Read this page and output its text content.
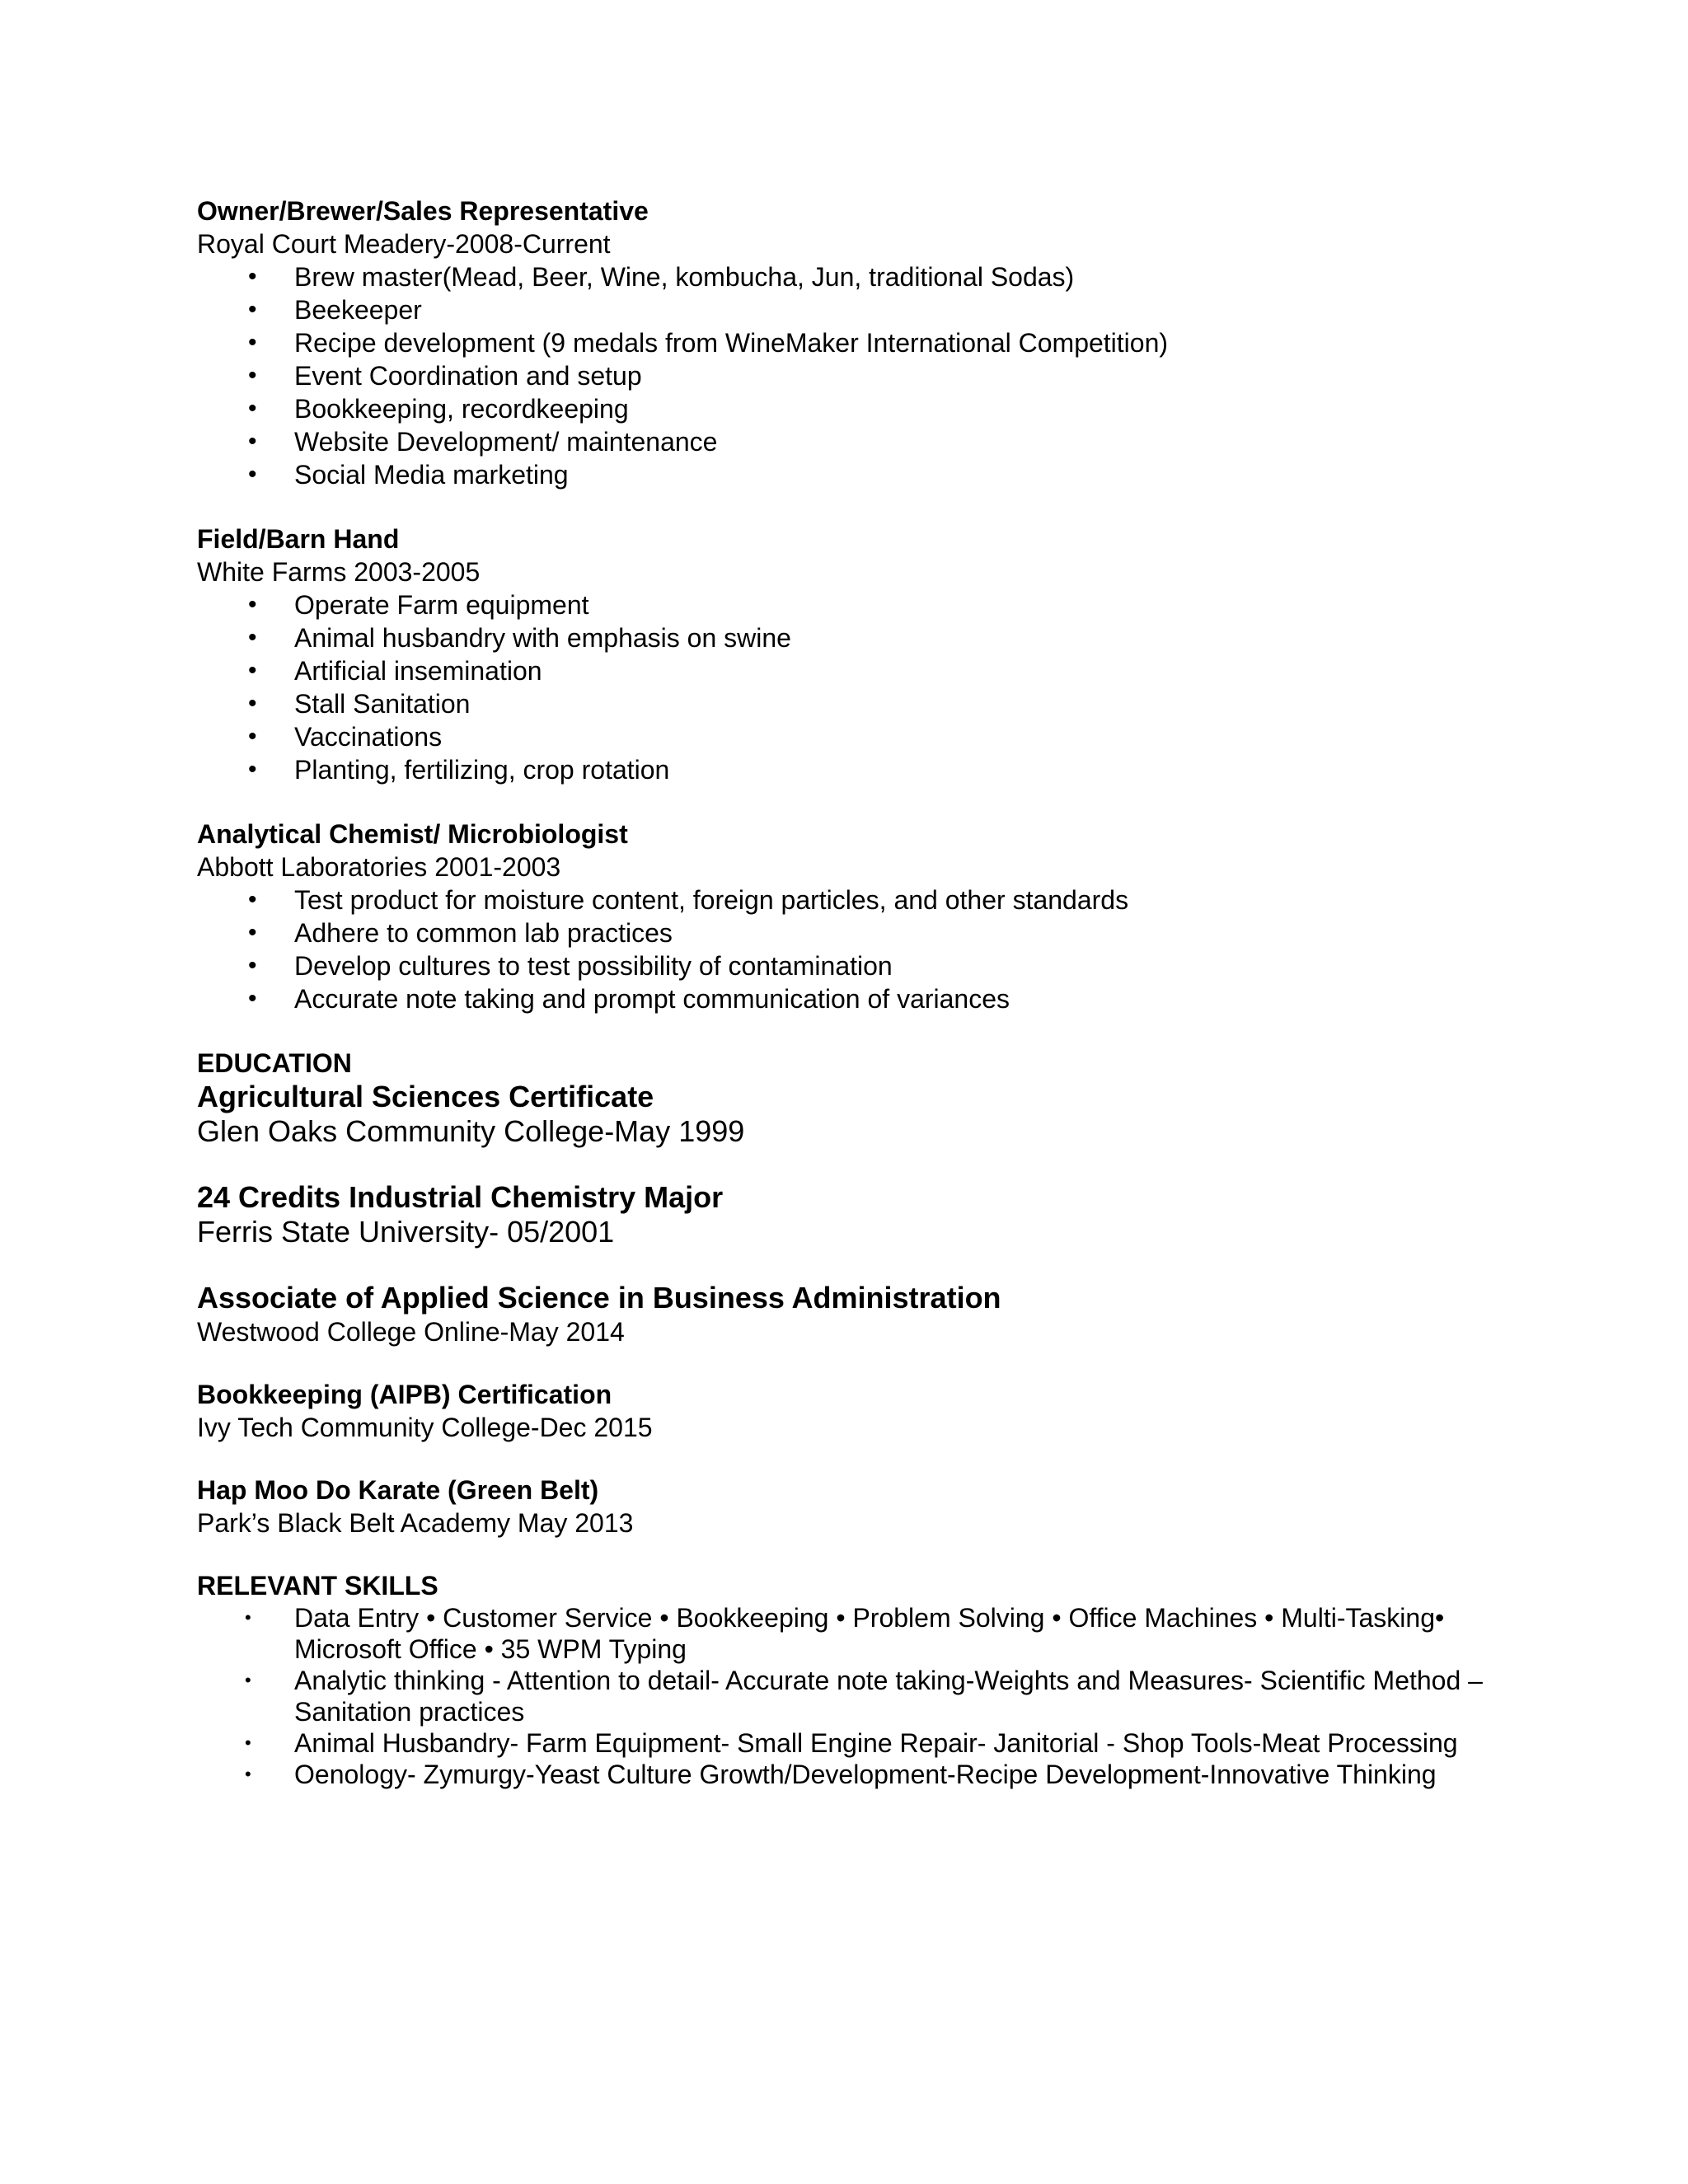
Owner/Brewer/Sales Representative
Royal Court Meadery-2008-Current
• Brew master(Mead, Beer, Wine, kombucha, Jun, traditional Sodas)
• Beekeeper
• Recipe development (9 medals from WineMaker International Competition)
• Event Coordination and setup
• Bookkeeping, recordkeeping
• Website Development/ maintenance
• Social Media marketing
Field/Barn Hand
White Farms 2003-2005
• Operate Farm equipment
• Animal husbandry with emphasis on swine
• Artificial insemination
• Stall Sanitation
• Vaccinations
• Planting, fertilizing, crop rotation
Analytical Chemist/ Microbiologist
Abbott Laboratories 2001-2003
• Test product for moisture content, foreign particles, and other standards
• Adhere to common lab practices
• Develop cultures to test possibility of contamination
• Accurate note taking and prompt communication of variances
EDUCATION
Agricultural Sciences Certificate
Glen Oaks Community College-May 1999
24 Credits Industrial Chemistry Major
Ferris State University- 05/2001
Associate of Applied Science in Business Administration
Westwood College Online-May 2014
Bookkeeping (AIPB) Certification
Ivy Tech Community College-Dec 2015
Hap Moo Do Karate (Green Belt)
Park’s Black Belt Academy May 2013
RELEVANT SKILLS
• Data Entry • Customer Service • Bookkeeping • Problem Solving • Office Machines • Multi-Tasking• Microsoft Office • 35 WPM Typing
• Analytic thinking - Attention to detail- Accurate note taking-Weights and Measures- Scientific Method – Sanitation practices
• Animal Husbandry- Farm Equipment- Small Engine Repair- Janitorial - Shop Tools-Meat Processing
• Oenology- Zymurgy-Yeast Culture Growth/Development-Recipe Development-Innovative Thinking
